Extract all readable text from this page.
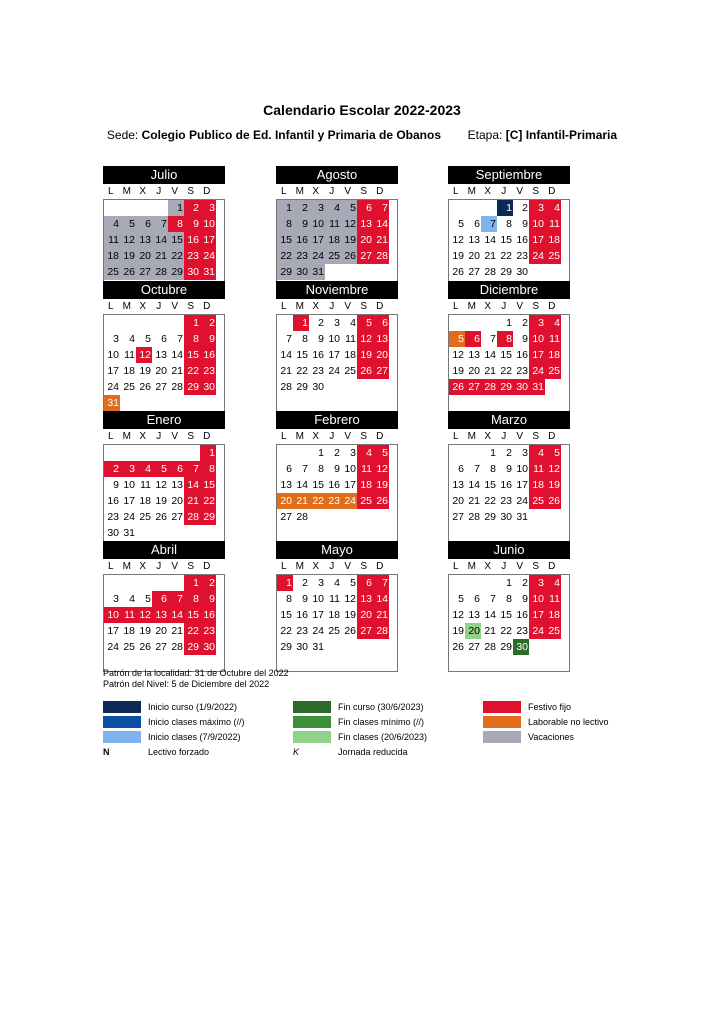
Calendario Escolar 2022-2023
Sede: Colegio Publico de Ed. Infantil y Primaria de Obanos Etapa: [C] Infantil-Primaria
Julio
L M X J V S D
1 2 3
4 5 6 7 8 9 10
11 12 13 14 15 16 17
18 19 20 21 22 23 24
25 26 27 28 29 30 31
Agosto
L M X J V S D
1 2 3 4 5 6 7
8 9 10 11 12 13 14
15 16 17 18 19 20 21
22 23 24 25 26 27 28
29 30 31
Septiembre
L M X J V S D
1 2 3 4
5 6 7 8 9 10 11
12 13 14 15 16 17 18
19 20 21 22 23 24 25
26 27 28 29 30
Octubre
L M X J V S D
1 2
3 4 5 6 7 8 9
10 11 12 13 14 15 16
17 18 19 20 21 22 23
24 25 26 27 28 29 30
31
Noviembre
L M X J V S D
1 2 3 4 5 6
7 8 9 10 11 12 13
14 15 16 17 18 19 20
21 22 23 24 25 26 27
28 29 30
Diciembre
L M X J V S D
1 2 3 4
5 6 7 8 9 10 11
12 13 14 15 16 17 18
19 20 21 22 23 24 25
26 27 28 29 30 31
Enero
L M X J V S D
1
2 3 4 5 6 7 8
9 10 11 12 13 14 15
16 17 18 19 20 21 22
23 24 25 26 27 28 29
30 31
Febrero
L M X J V S D
1 2 3 4 5
6 7 8 9 10 11 12
13 14 15 16 17 18 19
20 21 22 23 24 25 26
27 28
Marzo
L M X J V S D
1 2 3 4 5
6 7 8 9 10 11 12
13 14 15 16 17 18 19
20 21 22 23 24 25 26
27 28 29 30 31
Abril
L M X J V S D
1 2
3 4 5 6 7 8 9
10 11 12 13 14 15 16
17 18 19 20 21 22 23
24 25 26 27 28 29 30
Mayo
L M X J V S D
1 2 3 4 5 6 7
8 9 10 11 12 13 14
15 16 17 18 19 20 21
22 23 24 25 26 27 28
29 30 31
Junio
L M X J V S D
1 2 3 4
5 6 7 8 9 10 11
12 13 14 15 16 17 18
19 20 21 22 23 24 25
26 27 28 29 30
Patrón de la localidad: 31 de Octubre del 2022
Patrón del Nivel: 5 de Diciembre del 2022
Inicio curso (1/9/2022)
Inicio clases máximo (//)
Inicio clases (7/9/2022)
N	Lectivo forzado
Fin curso (30/6/2023)
Fin clases mínimo (//)
Fin clases (20/6/2023)
K	Jornada reducida
Festivo fijo
Laborable no lectivo
Vacaciones
